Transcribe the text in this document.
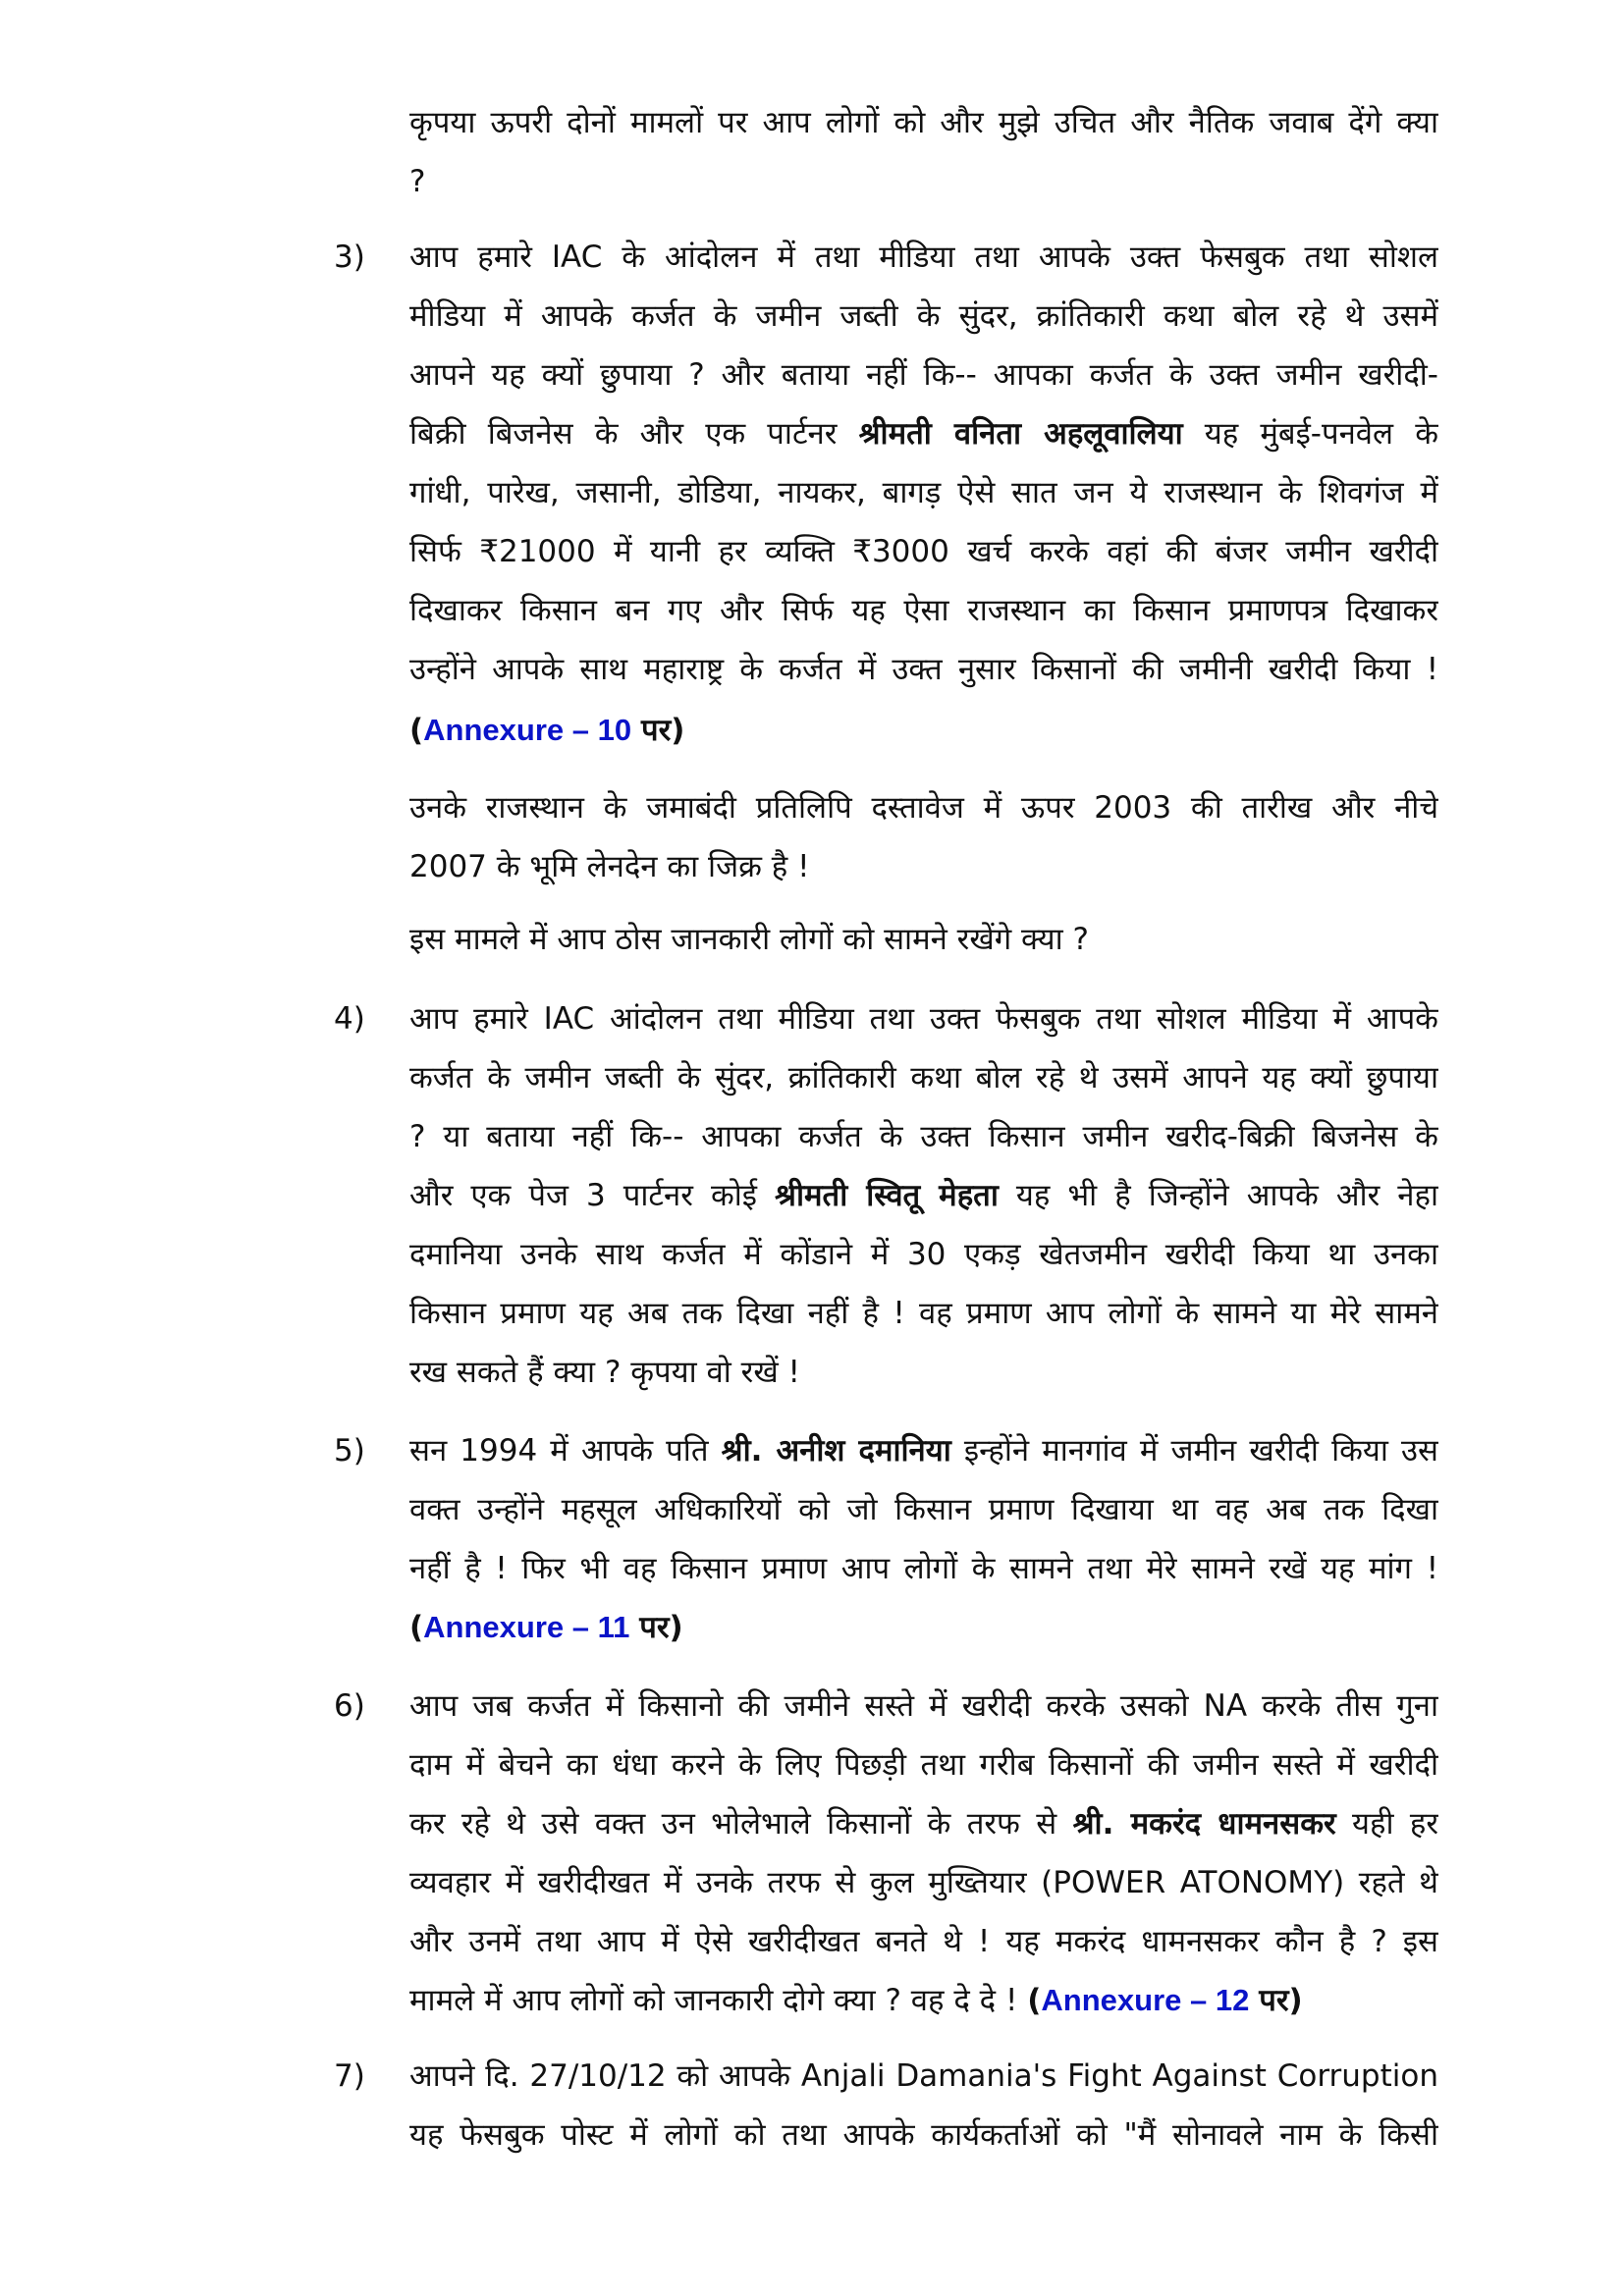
कृपया ऊपरी दोनों मामलों पर आप लोगों को और मुझे उचित और नैतिक जवाब देंगे क्या
?
3) आप हमारे IAC के आंदोलन में तथा मीडिया तथा आपके उक्त फेसबुक तथा सोशल
मीडिया में आपके कर्जत के जमीन जब्ती के सुंदर, क्रांतिकारी कथा बोल रहे थे उसमें
आपने यह क्यों छुपाया ? और बताया नहीं कि-- आपका कर्जत के उक्त जमीन खरीदी-
बिक्री बिजनेस के और एक पार्टनर श्रीमती वनिता अहलूवालिया यह मुंबई-पनवेल के
गांधी, पारेख, जसानी, डोडिया, नायकर, बागड़ ऐसे सात जन ये राजस्थान के शिवगंज में
सिर्फ ₹21000 में यानी हर व्यक्ति ₹3000 खर्च करके वहां की बंजर जमीन खरीदी
दिखाकर किसान बन गए और सिर्फ यह ऐसा राजस्थान का किसान प्रमाणपत्र दिखाकर
उन्होंने आपके साथ महाराष्ट्र के कर्जत में उक्त नुसार किसानों की जमीनी खरीदी किया !
(Annexure – 10 पर)
उनके राजस्थान के जमाबंदी प्रतिलिपि दस्तावेज में ऊपर 2003 की तारीख और नीचे
2007 के भूमि लेनदेन का जिक्र है !
इस मामले में आप ठोस जानकारी लोगों को सामने रखेंगे क्या ?
4) आप हमारे IAC आंदोलन तथा मीडिया तथा उक्त फेसबुक तथा सोशल मीडिया में आपके
कर्जत के जमीन जब्ती के सुंदर, क्रांतिकारी कथा बोल रहे थे उसमें आपने यह क्यों छुपाया
? या बताया नहीं कि-- आपका कर्जत के उक्त किसान जमीन खरीद-बिक्री बिजनेस के
और एक पेज 3 पार्टनर कोई श्रीमती स्वितू मेहता यह भी है जिन्होंने आपके और नेहा
दमानिया उनके साथ कर्जत में कोंडाने में 30 एकड़ खेतजमीन खरीदी किया था उनका
किसान प्रमाण यह अब तक दिखा नहीं है ! वह प्रमाण आप लोगों के सामने या मेरे सामने
रख सकते हैं क्या ? कृपया वो रखें !
5) सन 1994 में आपके पति श्री. अनीश दमानिया इन्होंने मानगांव में जमीन खरीदी किया उस
वक्त उन्होंने महसूल अधिकारियों को जो किसान प्रमाण दिखाया था वह अब तक दिखा
नहीं है ! फिर भी वह किसान प्रमाण आप लोगों के सामने तथा मेरे सामने रखें यह मांग !
(Annexure – 11 पर)
6) आप जब कर्जत में किसानो की जमीने सस्ते में खरीदी करके उसको NA करके तीस गुना
दाम में बेचने का धंधा करने के लिए पिछड़ी तथा गरीब किसानों की जमीन सस्ते में खरीदी
कर रहे थे उसे वक्त उन भोलेभाले किसानों के तरफ से श्री. मकरंद धामनसकर यही हर
व्यवहार में खरीदीखत में उनके तरफ से कुल मुख्तियार (POWER ATONOMY) रहते थे
और उनमें तथा आप में ऐसे खरीदीखत बनते थे ! यह मकरंद धामनसकर कौन है ? इस
मामले में आप लोगों को जानकारी दोगे क्या ? वह दे दे ! (Annexure – 12 पर)
7) आपने दि. 27/10/12 को आपके Anjali Damania's Fight Against Corruption
यह फेसबुक पोस्ट में लोगों को तथा आपके कार्यकर्ताओं को "मैं सोनावले नाम के किसी
